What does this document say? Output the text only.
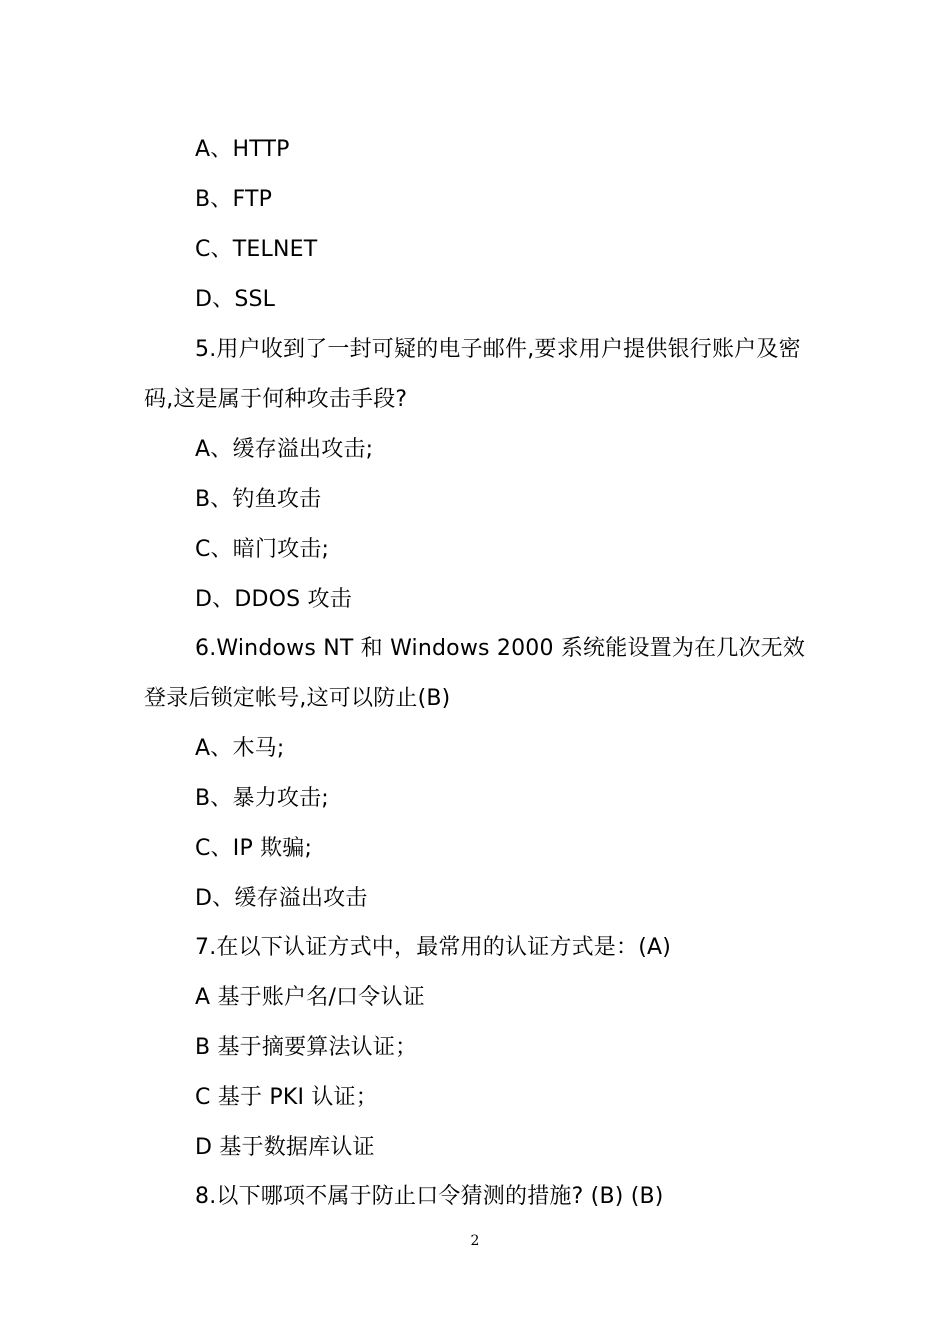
A、HTTP
B、FTP
C、TELNET
D、SSL
5.用户收到了一封可疑的电子邮件,要求用户提供银行账户及密
码,这是属于何种攻击手段?
A、缓存溢出攻击;
B、钓鱼攻击
C、暗门攻击;
D、DDOS 攻击
6.Windows NT 和 Windows 2000 系统能设置为在几次无效
登录后锁定帐号,这可以防止(B)
A、木马;
B、暴力攻击;
C、IP 欺骗;
D、缓存溢出攻击
7.在以下认证方式中，最常用的认证方式是：(A)
A 基于账户名/口令认证
B 基于摘要算法认证；
C 基于 PKI 认证；
D 基于数据库认证
8.以下哪项不属于防止口令猜测的措施? (B) (B)
2
